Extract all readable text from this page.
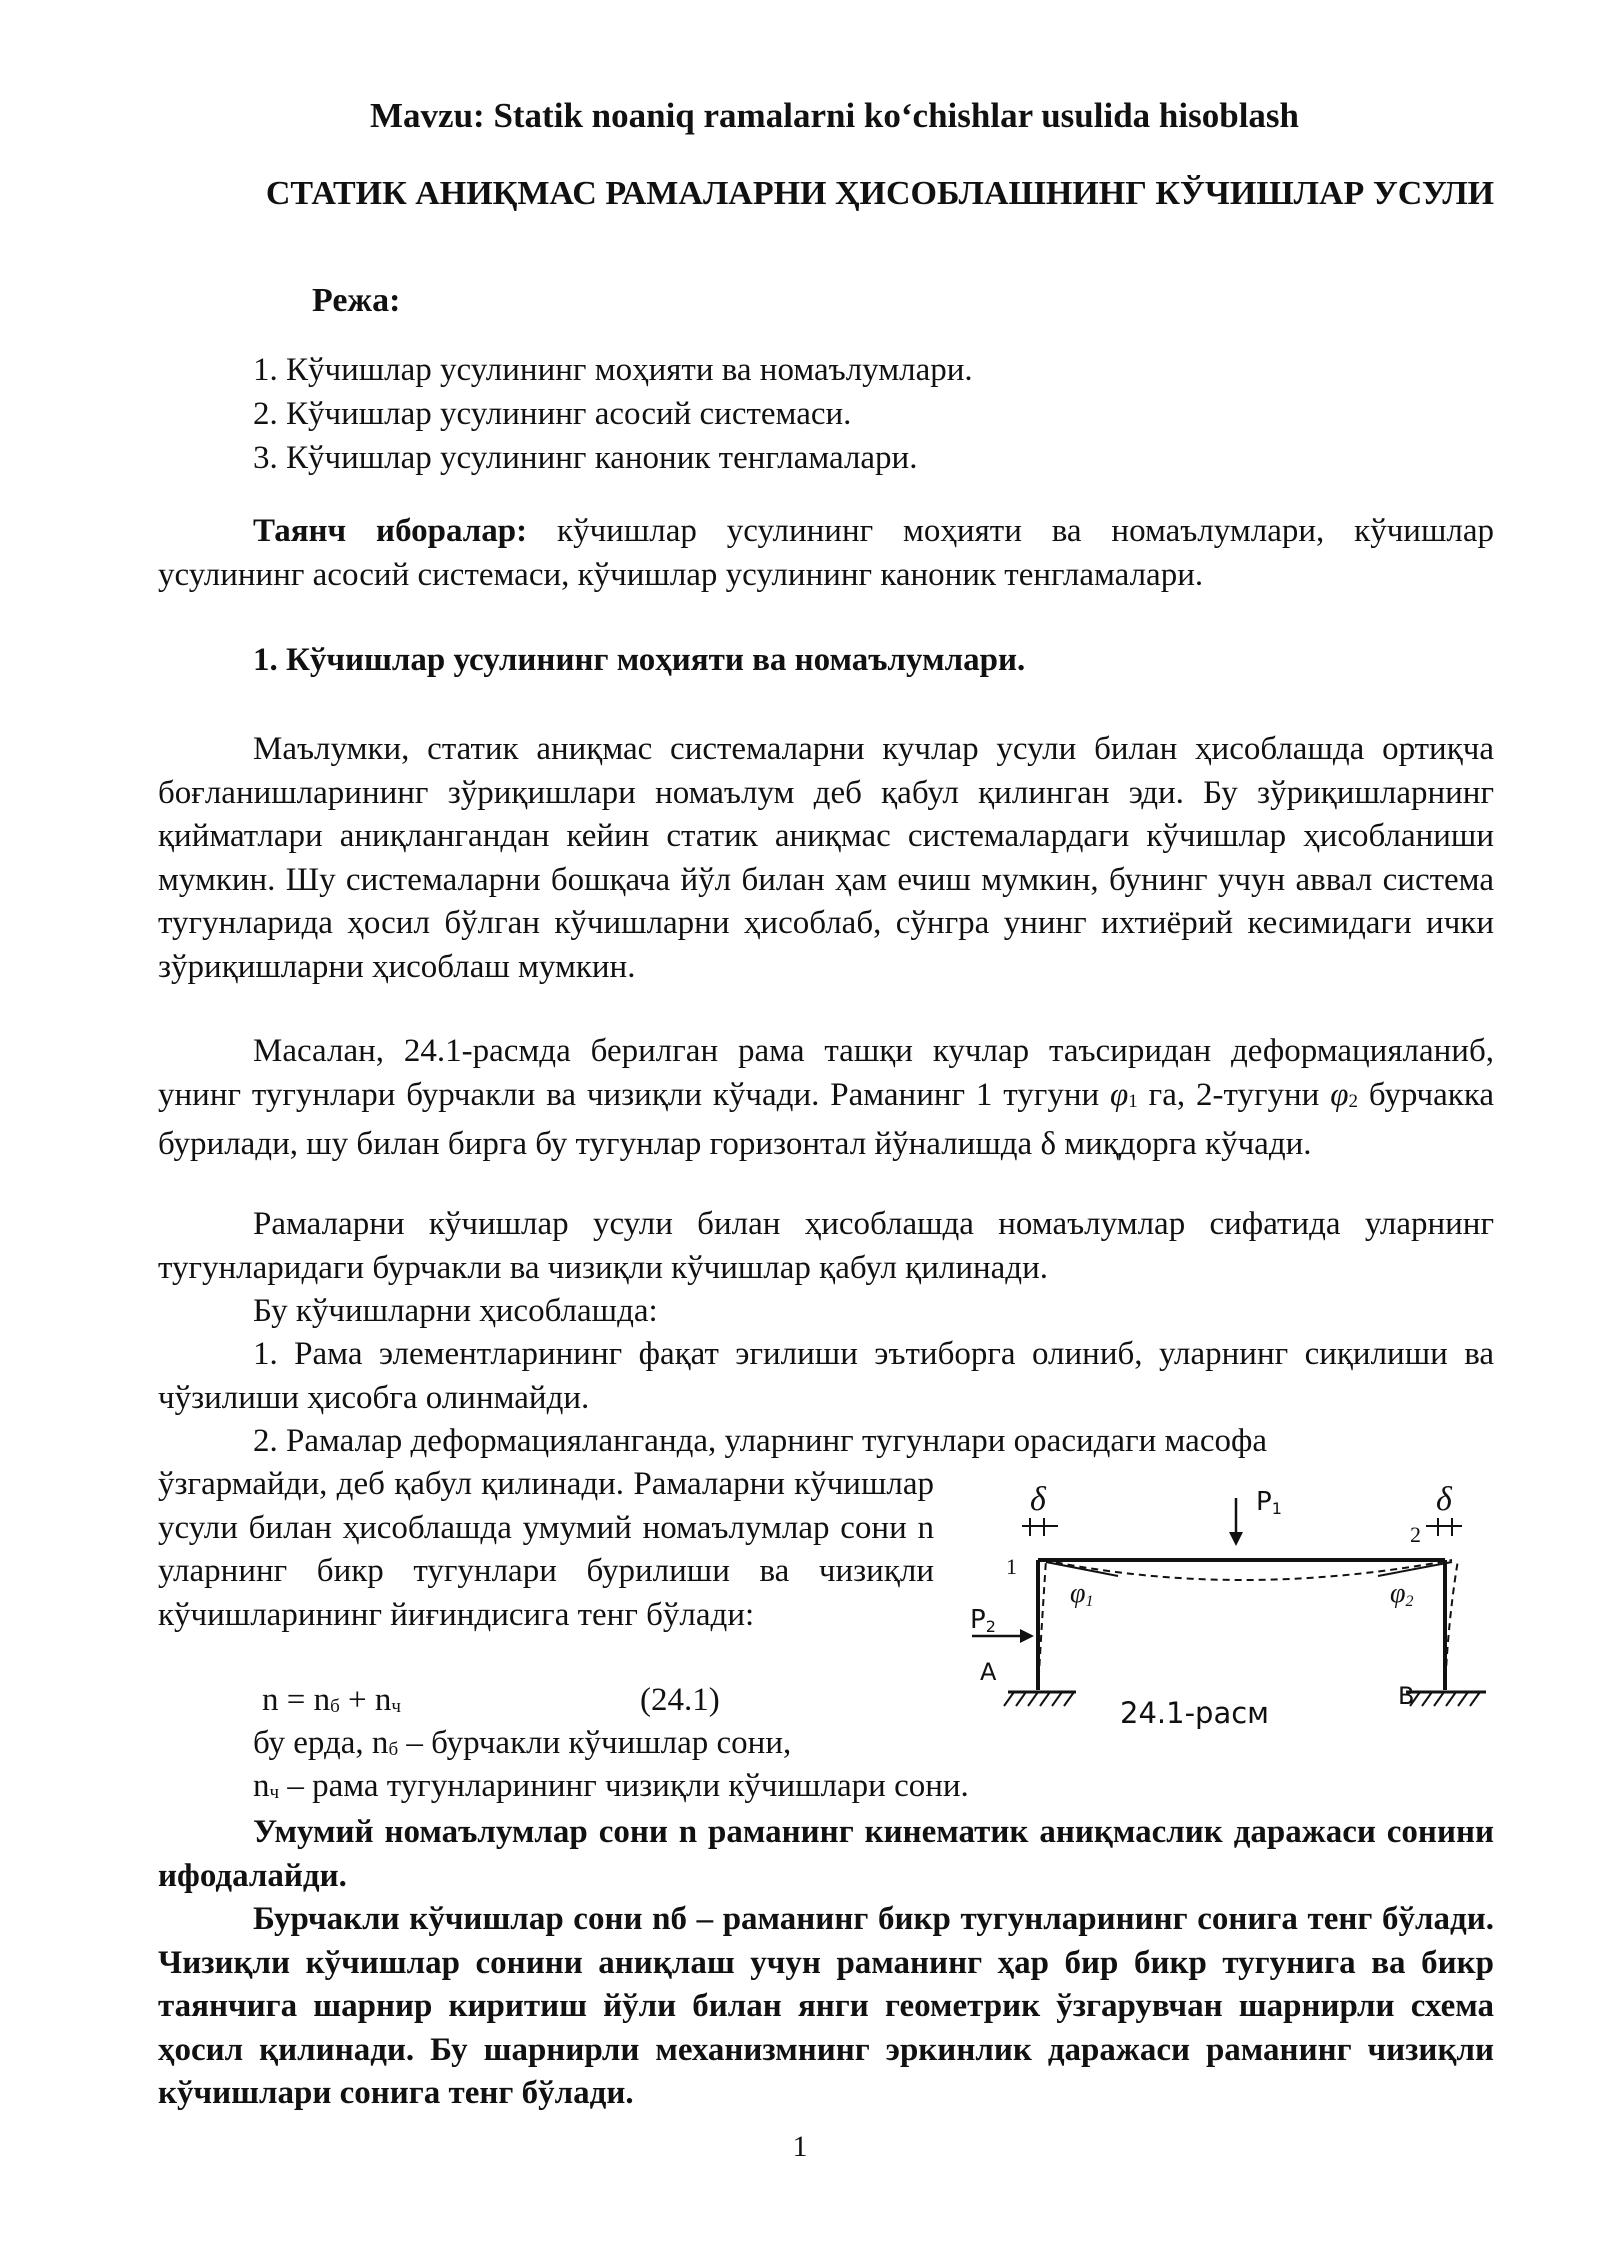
Mavzu: Statik noaniq ramalarni ko‘chishlar usulida hisoblash
СТАТИК АНИҚМАС РАМАЛАРНИ ҲИСОБЛАШНИНГ КЎЧИШЛАР УСУЛИ
Режа:
1. Кўчишлар усулининг моҳияти ва номаълумлари.
2. Кўчишлар усулининг асосий системаси.
3. Кўчишлар усулининг каноник тенгламалари.
Таянч иборалар: кўчишлар усулининг моҳияти ва номаълумлари, кўчишлар усулининг асосий системаси, кўчишлар усулининг каноник тенгламалари.
1. Кўчишлар усулининг моҳияти ва номаълумлари.
Маълумки, статик аниқмас системаларни кучлар усули билан ҳисоблашда ортиқча боғланишларининг зўриқишлари номаълум деб қабул қилинган эди. Бу зўриқишларнинг қийматлари аниқлангандан кейин статик аниқмас системалардаги кўчишлар ҳисобланиши мумкин. Шу системаларни бошқача йўл билан ҳам ечиш мумкин, бунинг учун аввал система тугунларида ҳосил бўлган кўчишларни ҳисоблаб, сўнгра унинг ихтиёрий кесимидаги ички зўриқишларни ҳисоблаш мумкин.
Масалан, 24.1-расмда берилган рама ташқи кучлар таъсиридан деформацияланиб, унинг тугунлари бурчакли ва чизиқли кўчади. Раманинг 1 тугуни φ1 га, 2-тугуни φ2 бурчакка бурилади, шу билан бирга бу тугунлар горизонтал йўналишда δ миқдорга кўчади.
Рамаларни кўчишлар усули билан ҳисоблашда номаълумлар сифатида уларнинг тугунларидаги бурчакли ва чизиқли кўчишлар қабул қилинади.
Бу кўчишларни ҳисоблашда:
1. Рама элементларининг фақат эгилиши эътиборга олиниб, уларнинг сиқилиши ва чўзилиши ҳисобга олинмайди.
2. Рамалар деформацияланганда, уларнинг тугунлари орасидаги масофа
ўзгармайди, деб қабул қилинади. Рамаларни кўчишлар усули билан ҳисоблашда умумий номаълумлар сони n уларнинг бикр тугунлари бурилиши ва чизиқли кўчишларининг йиғиндисига тенг бўлади:
n = nб + nч	(24.1)
бу ерда, nб – бурчакли кўчишлар сони,
nч – рама тугунларининг чизиқли кўчишлари сони.
Умумий номаълумлар сони n раманинг кинематик аниқмаслик даражаси сонини ифодалайди.
Бурчакли кўчишлар сони nб – раманинг бикр тугунларининг сонига тенг бўлади. Чизиқли кўчишлар сонини аниқлаш учун раманинг ҳар бир бикр тугунига ва бикр таянчига шарнир киритиш йўли билан янги геометрик ўзгарувчан шарнирли схема ҳосил қилинади. Бу шарнирли механизмнинг эркинлик даражаси раманинг чизиқли кўчишлари сонига тенг бўлади.
δ	δ
P1
1
2
φ1	φ2
P2
A
B
24.1-расм
1
